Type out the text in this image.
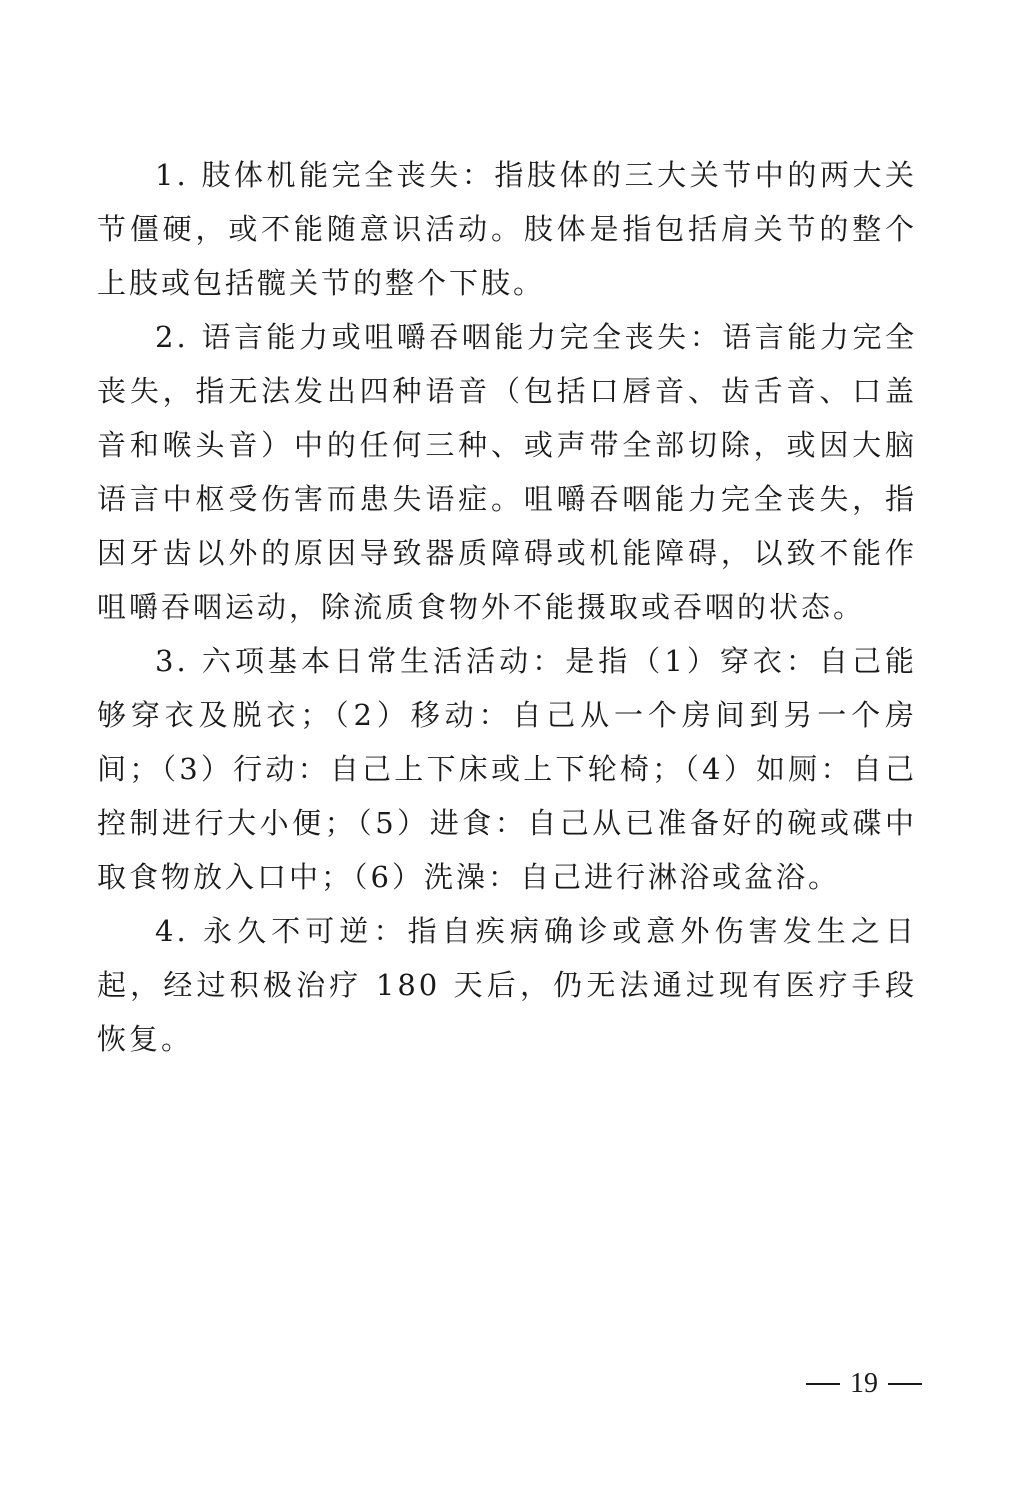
1. 肢体机能完全丧失：指肢体的三大关节中的两大关节僵硬，或不能随意识活动。肢体是指包括肩关节的整个上肢或包括髋关节的整个下肢。

2. 语言能力或咀嚼吞咽能力完全丧失：语言能力完全丧失，指无法发出四种语音（包括口唇音、齿舌音、口盖音和喉头音）中的任何三种、或声带全部切除，或因大脑语言中枢受伤害而患失语症。咀嚼吞咽能力完全丧失，指因牙齿以外的原因导致器质障碍或机能障碍，以致不能作咀嚼吞咽运动，除流质食物外不能摄取或吞咽的状态。

3. 六项基本日常生活活动：是指（1）穿衣：自己能够穿衣及脱衣；（2）移动：自己从一个房间到另一个房间；（3）行动：自己上下床或上下轮椅；（4）如厕：自己控制进行大小便；（5）进食：自己从已准备好的碗或碟中取食物放入口中；（6）洗澡：自己进行淋浴或盆浴。

4. 永久不可逆：指自疾病确诊或意外伤害发生之日起，经过积极治疗 180 天后，仍无法通过现有医疗手段恢复。

19
